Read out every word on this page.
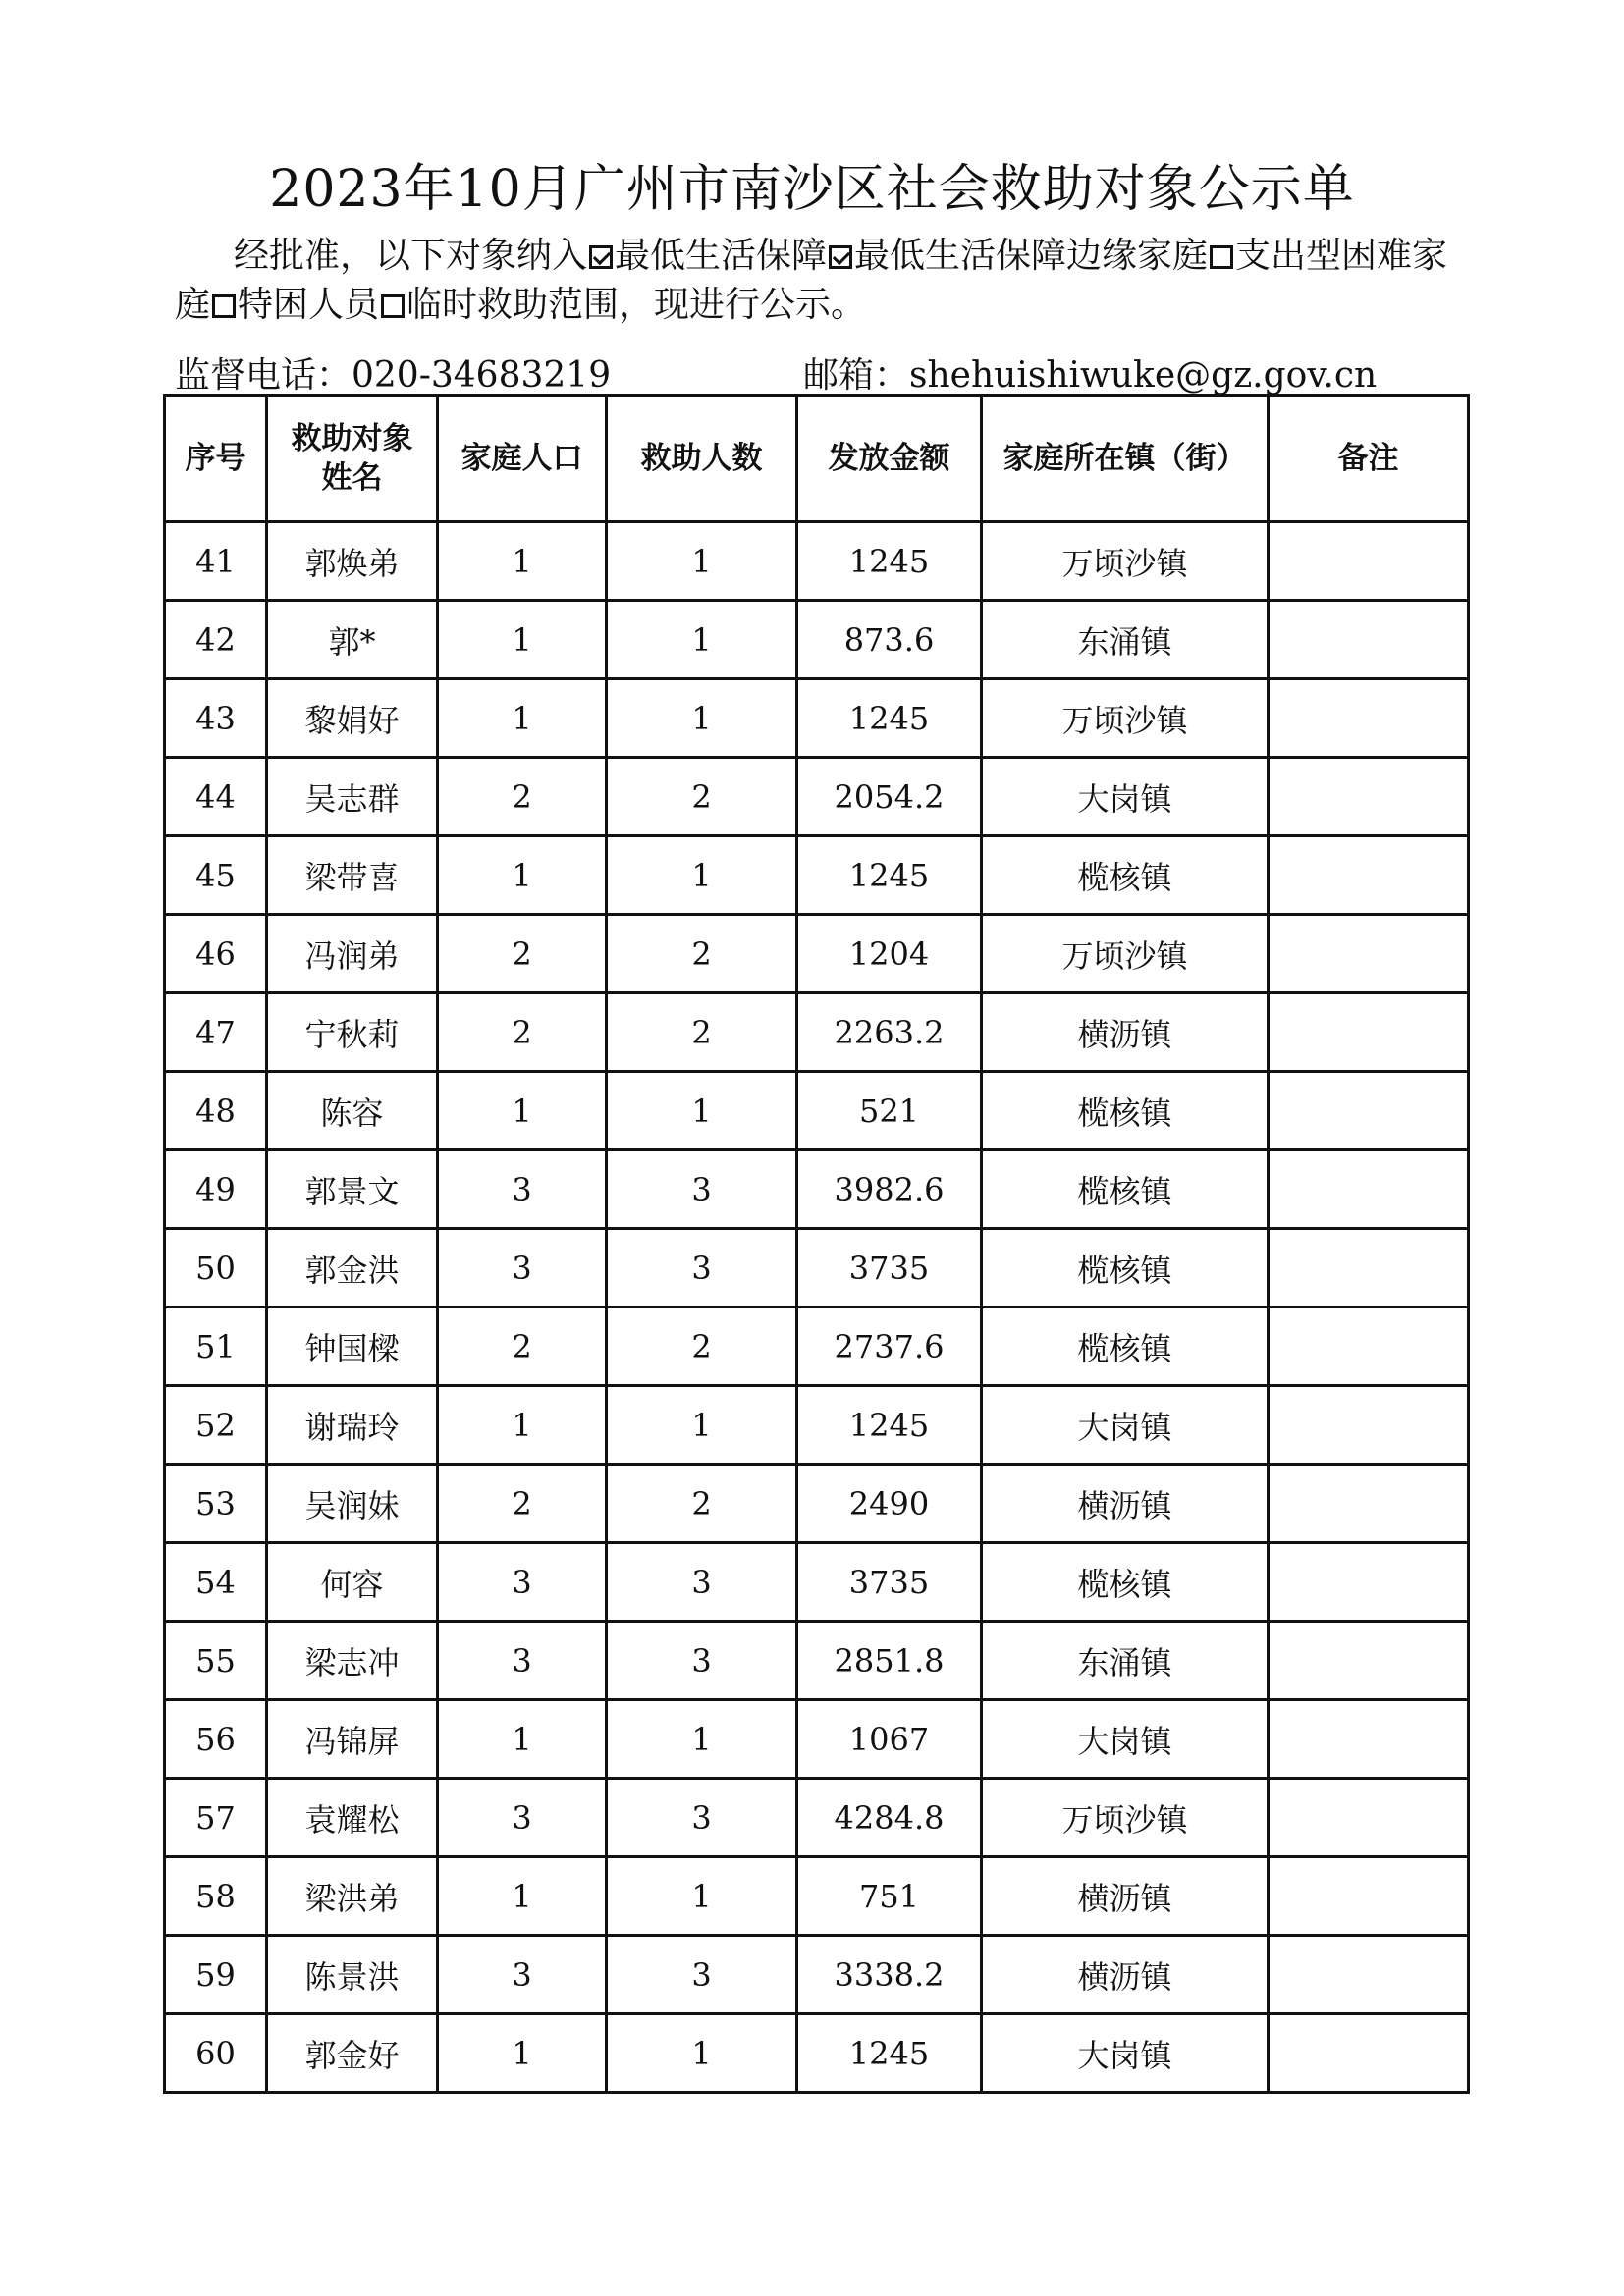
2023年10月广州市南沙区社会救助对象公示单
经批准，以下对象纳入 最低生活保障 最低生活保障边缘家庭 支出型困难家庭 特困人员 临时救助范围，现进行公示。
监督电话：020-34683219	邮箱：shehuishiwuke@gz.gov.cn
序号	救助对象姓名	家庭人口	救助人数	发放金额	家庭所在镇（街）	备注
41	郭焕弟	1	1	1245	万顷沙镇	
42	郭*	1	1	873.6	东涌镇	
43	黎娟好	1	1	1245	万顷沙镇	
44	吴志群	2	2	2054.2	大岗镇	
45	梁带喜	1	1	1245	榄核镇	
46	冯润弟	2	2	1204	万顷沙镇	
47	宁秋莉	2	2	2263.2	横沥镇	
48	陈容	1	1	521	榄核镇	
49	郭景文	3	3	3982.6	榄核镇	
50	郭金洪	3	3	3735	榄核镇	
51	钟国樑	2	2	2737.6	榄核镇	
52	谢瑞玲	1	1	1245	大岗镇	
53	吴润妹	2	2	2490	横沥镇	
54	何容	3	3	3735	榄核镇	
55	梁志冲	3	3	2851.8	东涌镇	
56	冯锦屏	1	1	1067	大岗镇	
57	袁耀松	3	3	4284.8	万顷沙镇	
58	梁洪弟	1	1	751	横沥镇	
59	陈景洪	3	3	3338.2	横沥镇	
60	郭金好	1	1	1245	大岗镇	
